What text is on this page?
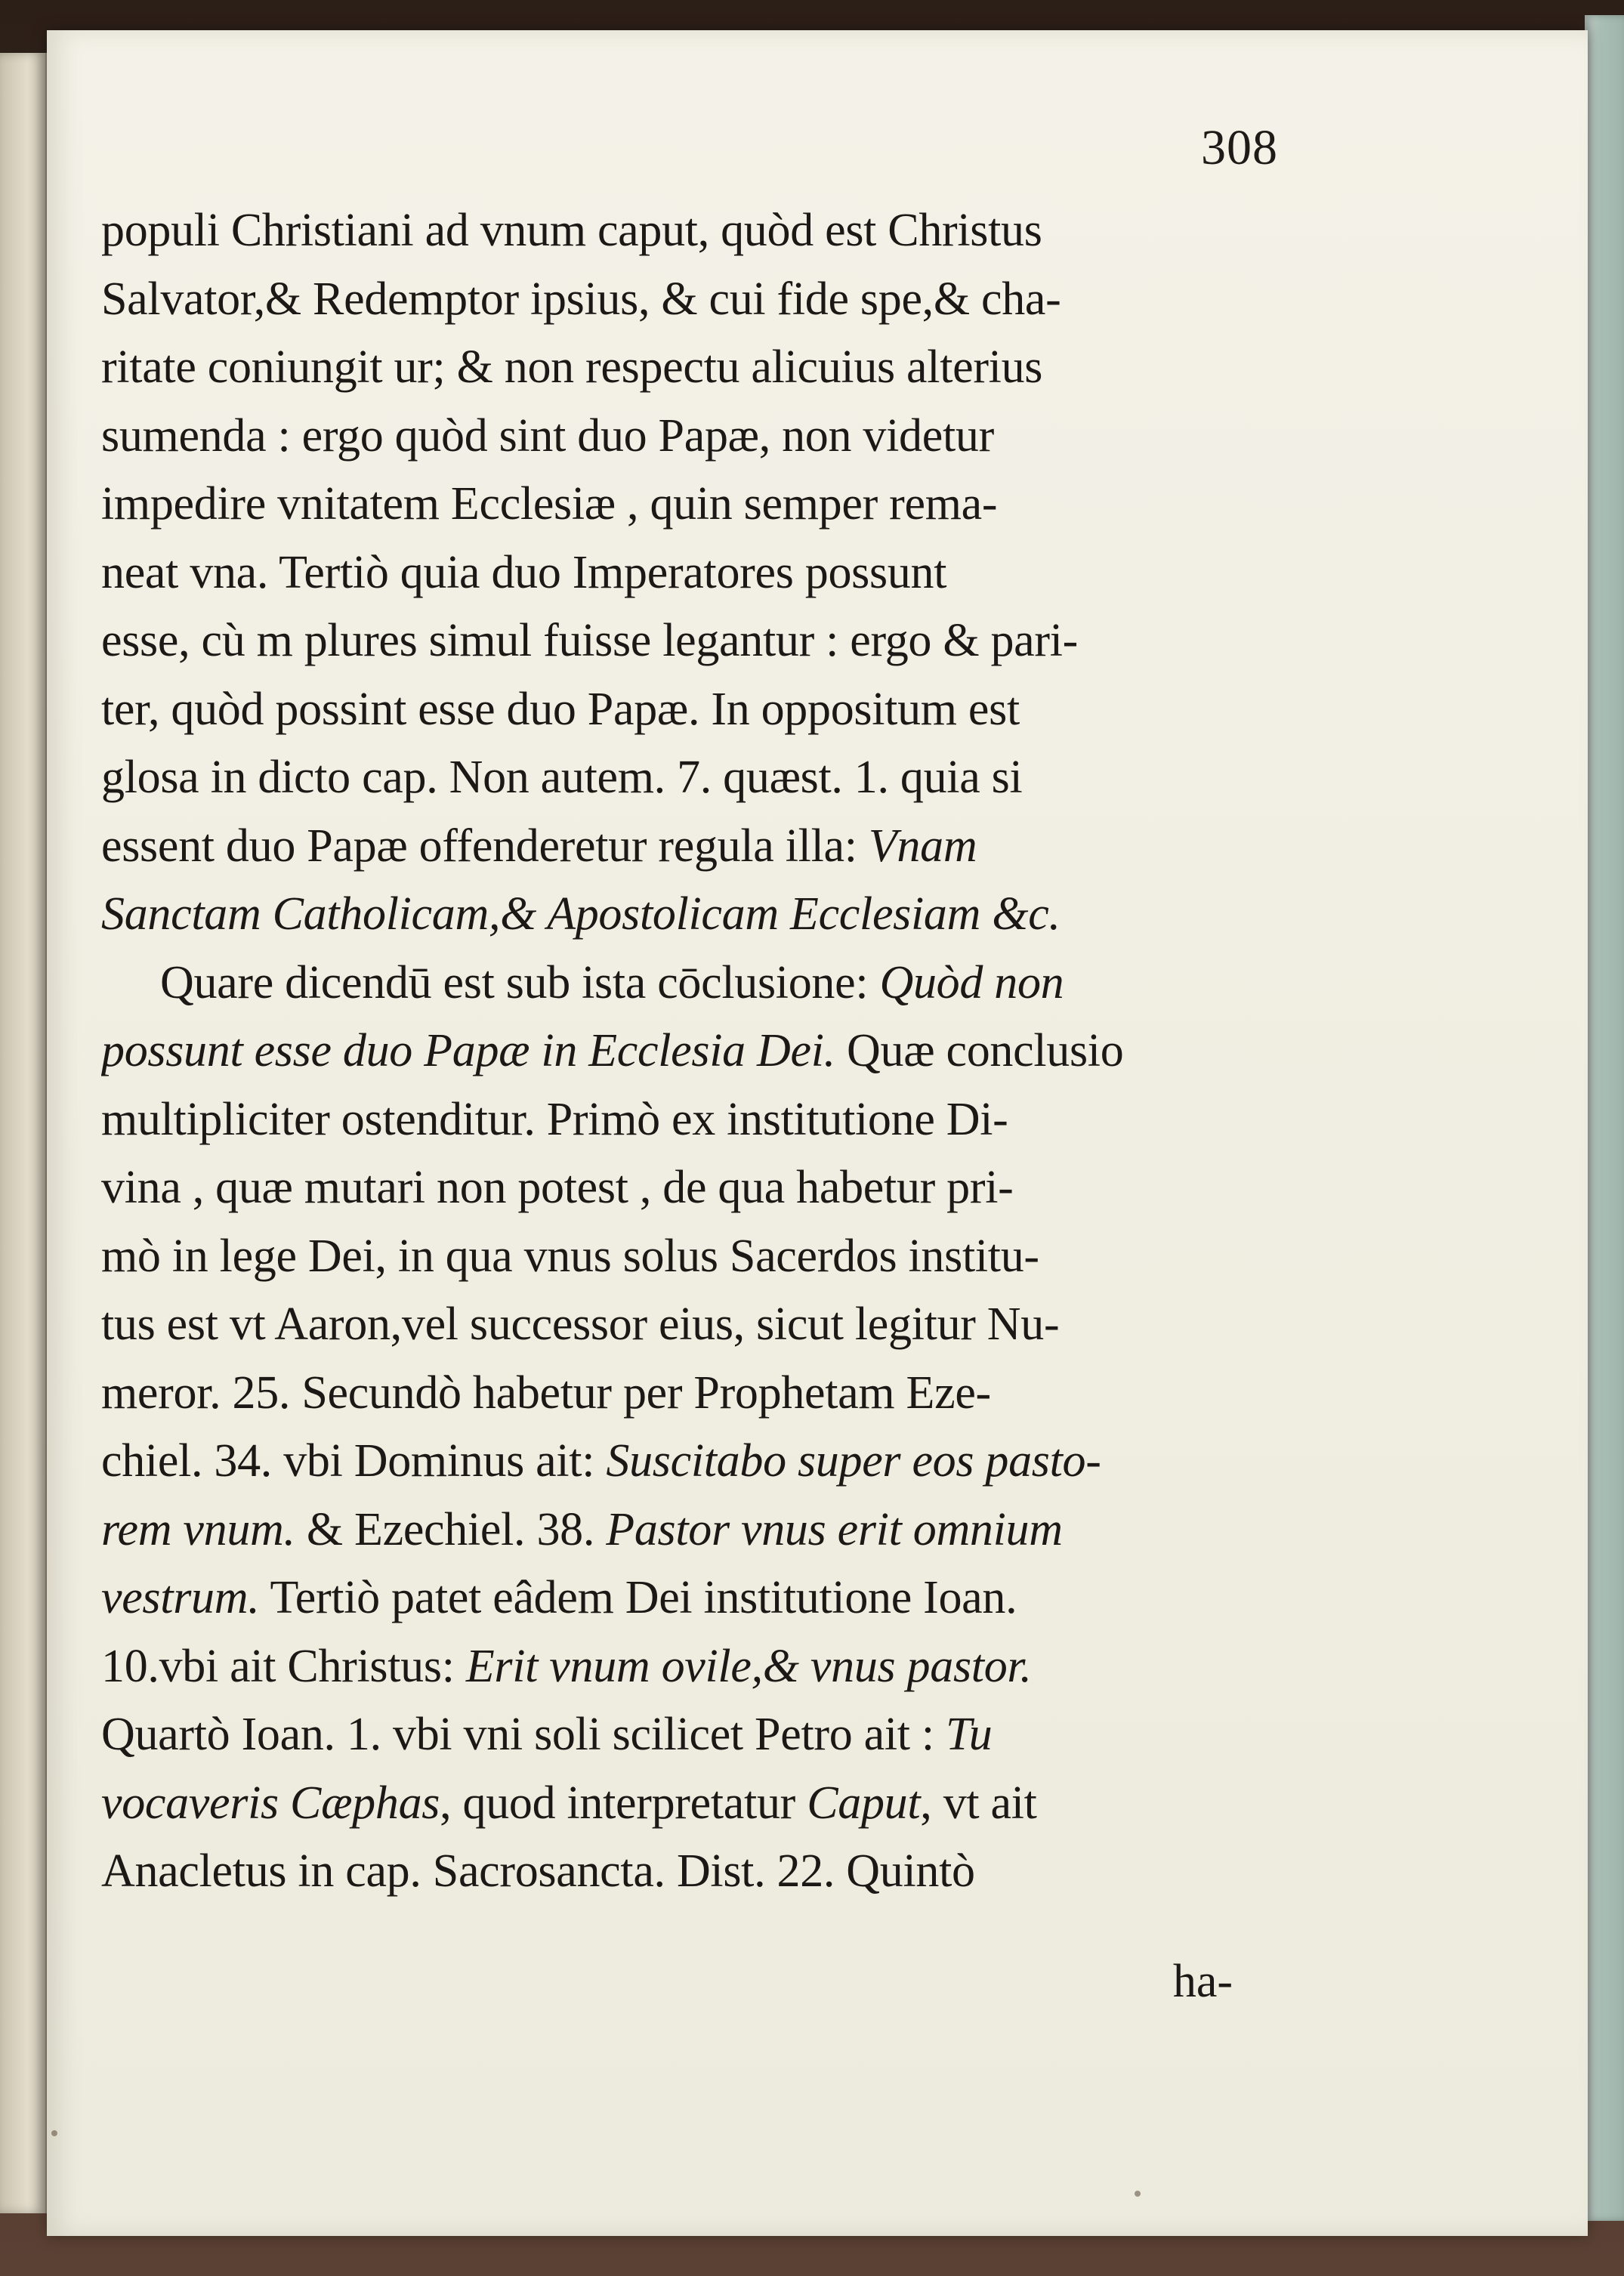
308
populi Christiani ad vnum caput, quòd est Christus
Salvator,& Redemptor ipsius, & cui fide spe,& cha-
ritate coniungit ur; & non respectu alicuius alterius
sumenda : ergo quòd sint duo Papæ, non videtur
impedire vnitatem Ecclesiæ , quin semper rema-
neat vna. Tertiò quia duo Imperatores possunt
esse, cù m plures simul fuisse legantur : ergo & pari-
ter, quòd possint esse duo Papæ. In oppositum est
glosa in dicto cap. Non autem. 7. quæst. 1. quia si
essent duo Papæ offenderetur regula illa: Vnam
Sanctam Catholicam,& Apostolicam Ecclesiam &c.
Quare dicendū est sub ista cōclusione: Quòd non
possunt esse duo Papæ in Ecclesia Dei. Quæ conclusio
multipliciter ostenditur. Primò ex institutione Di-
vina , quæ mutari non potest , de qua habetur pri-
mò in lege Dei, in qua vnus solus Sacerdos institu-
tus est vt Aaron,vel successor eius, sicut legitur Nu-
meror. 25. Secundò habetur per Prophetam Eze-
chiel. 34. vbi Dominus ait: Suscitabo super eos pasto-
rem vnum. & Ezechiel. 38. Pastor vnus erit omnium
vestrum. Tertiò patet eâdem Dei institutione Ioan.
10.vbi ait Christus: Erit vnum ovile,& vnus pastor.
Quartò Ioan. 1. vbi vni soli scilicet Petro ait : Tu
vocaveris Cæphas, quod interpretatur Caput, vt ait
Anacletus in cap. Sacrosancta. Dist. 22. Quintò
ha-
